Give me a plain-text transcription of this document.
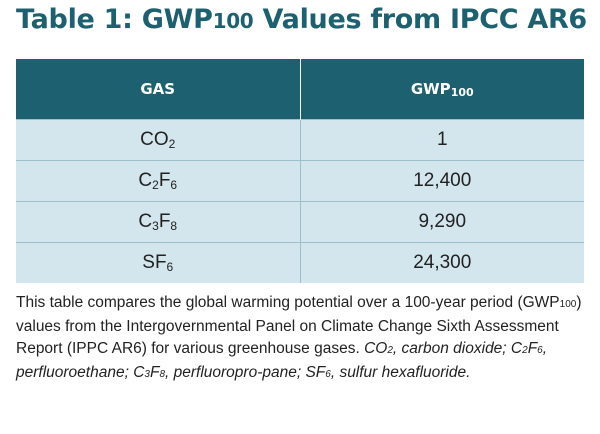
Table 1: GWP100 Values from IPCC AR6
GAS	GWP100
CO2	1
C2F6	12,400
C3F8	9,290
SF6	24,300
This table compares the global warming potential over a 100-year period (GWP100) values from the Intergovernmental Panel on Climate Change Sixth Assessment Report (IPPC AR6) for various greenhouse gases. CO2, carbon dioxide; C2F6, perfluoroethane; C3F8, perfluoropro-pane; SF6, sulfur hexafluoride.
